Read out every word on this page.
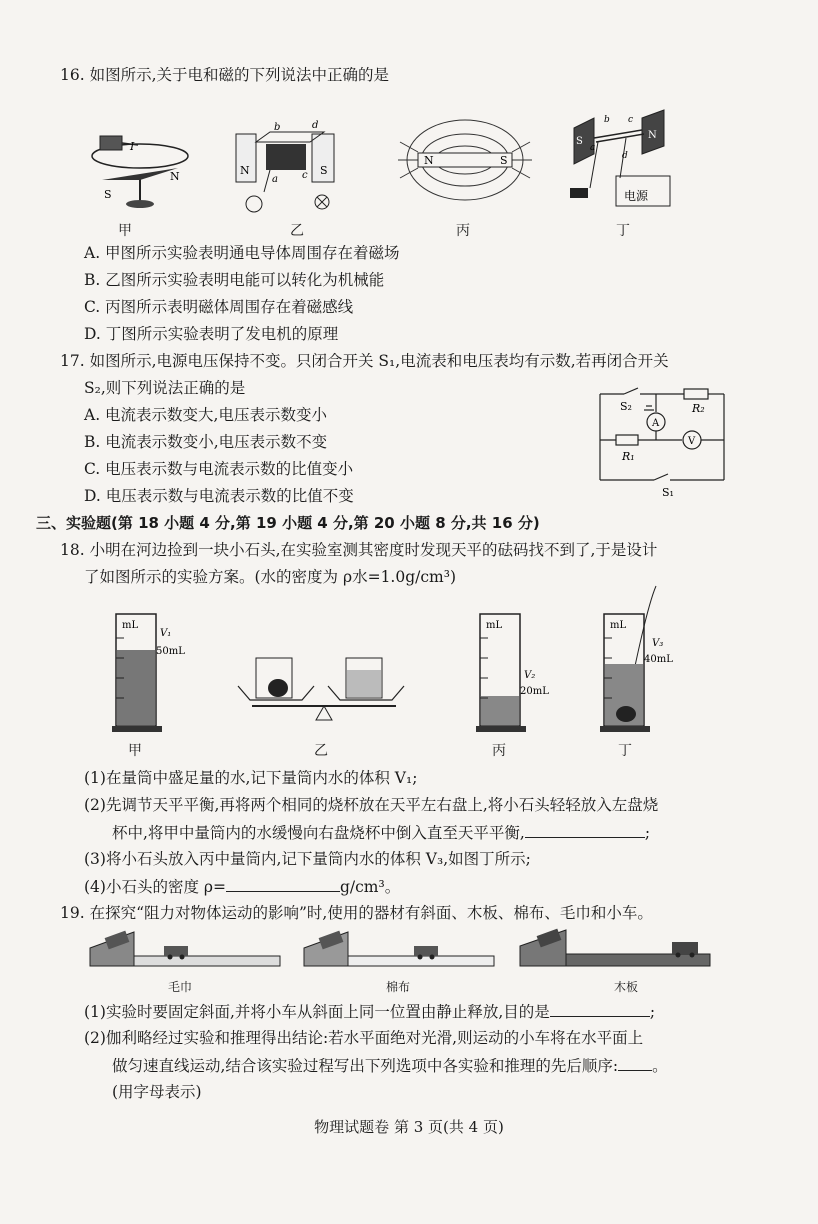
16. 如图所示,关于电和磁的下列说法中正确的是
I
S
N
甲
N	S
a
b
c
d
乙
N	S
丙
S
N
a
b c
d
电源
丁
A. 甲图所示实验表明通电导体周围存在着磁场
B. 乙图所示实验表明电能可以转化为机械能
C. 丙图所示表明磁体周围存在着磁感线
D. 丁图所示实验表明了发电机的原理
17. 如图所示,电源电压保持不变。只闭合开关 S₁,电流表和电压表均有示数,若再闭合开关
S₂,则下列说法正确的是
A. 电流表示数变大,电压表示数变小
B. 电流表示数变小,电压表示数不变
C. 电压表示数与电流表示数的比值变小
D. 电压表示数与电流表示数的比值不变
S₂	R₂
A
V
R₁
S₁
三、实验题(第 18 小题 4 分,第 19 小题 4 分,第 20 小题 8 分,共 16 分)
18. 小明在河边捡到一块小石头,在实验室测其密度时发现天平的砝码找不到了,于是设计
了如图所示的实验方案。(水的密度为 ρ水=1.0g/cm³)
mL
V₁
50mL
甲	乙
mL
V₂
20mL
丙
mL
V₃
40mL
丁
(1)在量筒中盛足量的水,记下量筒内水的体积 V₁;
(2)先调节天平平衡,再将两个相同的烧杯放在天平左右盘上,将小石头轻轻放入左盘烧
杯中,将甲中量筒内的水缓慢向右盘烧杯中倒入直至天平平衡,	;
(3)将小石头放入丙中量筒内,记下量筒内水的体积 V₃,如图丁所示;
(4)小石头的密度 ρ=	g/cm³。
19. 在探究“阻力对物体运动的影响”时,使用的器材有斜面、木板、棉布、毛巾和小车。
毛巾	棉布	木板
(1)实验时要固定斜面,并将小车从斜面上同一位置由静止释放,目的是	;
(2)伽利略经过实验和推理得出结论:若水平面绝对光滑,则运动的小车将在水平面上
做匀速直线运动,结合该实验过程写出下列选项中各实验和推理的先后顺序: 。
(用字母表示)
物理试题卷 第 3 页(共 4 页)
